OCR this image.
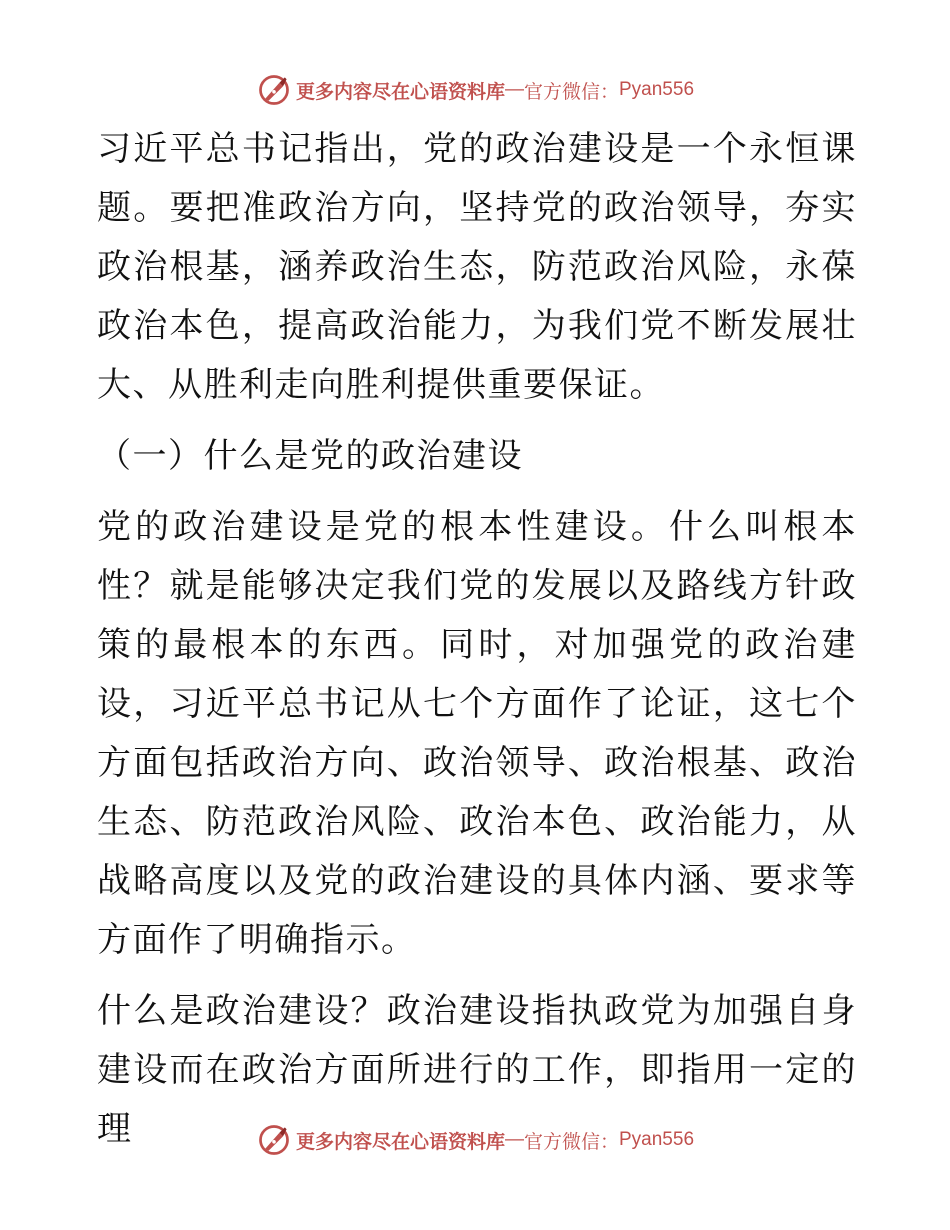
更多内容尽在心语资料库 — 官方微信： Pyan556

习近平总书记指出，党的政治建设是一个永恒课题。要把准政治方向，坚持党的政治领导，夯实政治根基，涵养政治生态，防范政治风险，永葆政治本色，提高政治能力，为我们党不断发展壮大、从胜利走向胜利提供重要保证。

（一）什么是党的政治建设

党的政治建设是党的根本性建设。什么叫根本性？就是能够决定我们党的发展以及路线方针政策的最根本的东西。同时，对加强党的政治建设，习近平总书记从七个方面作了论证，这七个方面包括政治方向、政治领导、政治根基、政治生态、防范政治风险、政治本色、政治能力，从战略高度以及党的政治建设的具体内涵、要求等方面作了明确指示。

什么是政治建设？政治建设指执政党为加强自身建设而在政治方面所进行的工作，即指用一定的理	更多内容尽在心语资料库 — 官方微信： Pyan556
